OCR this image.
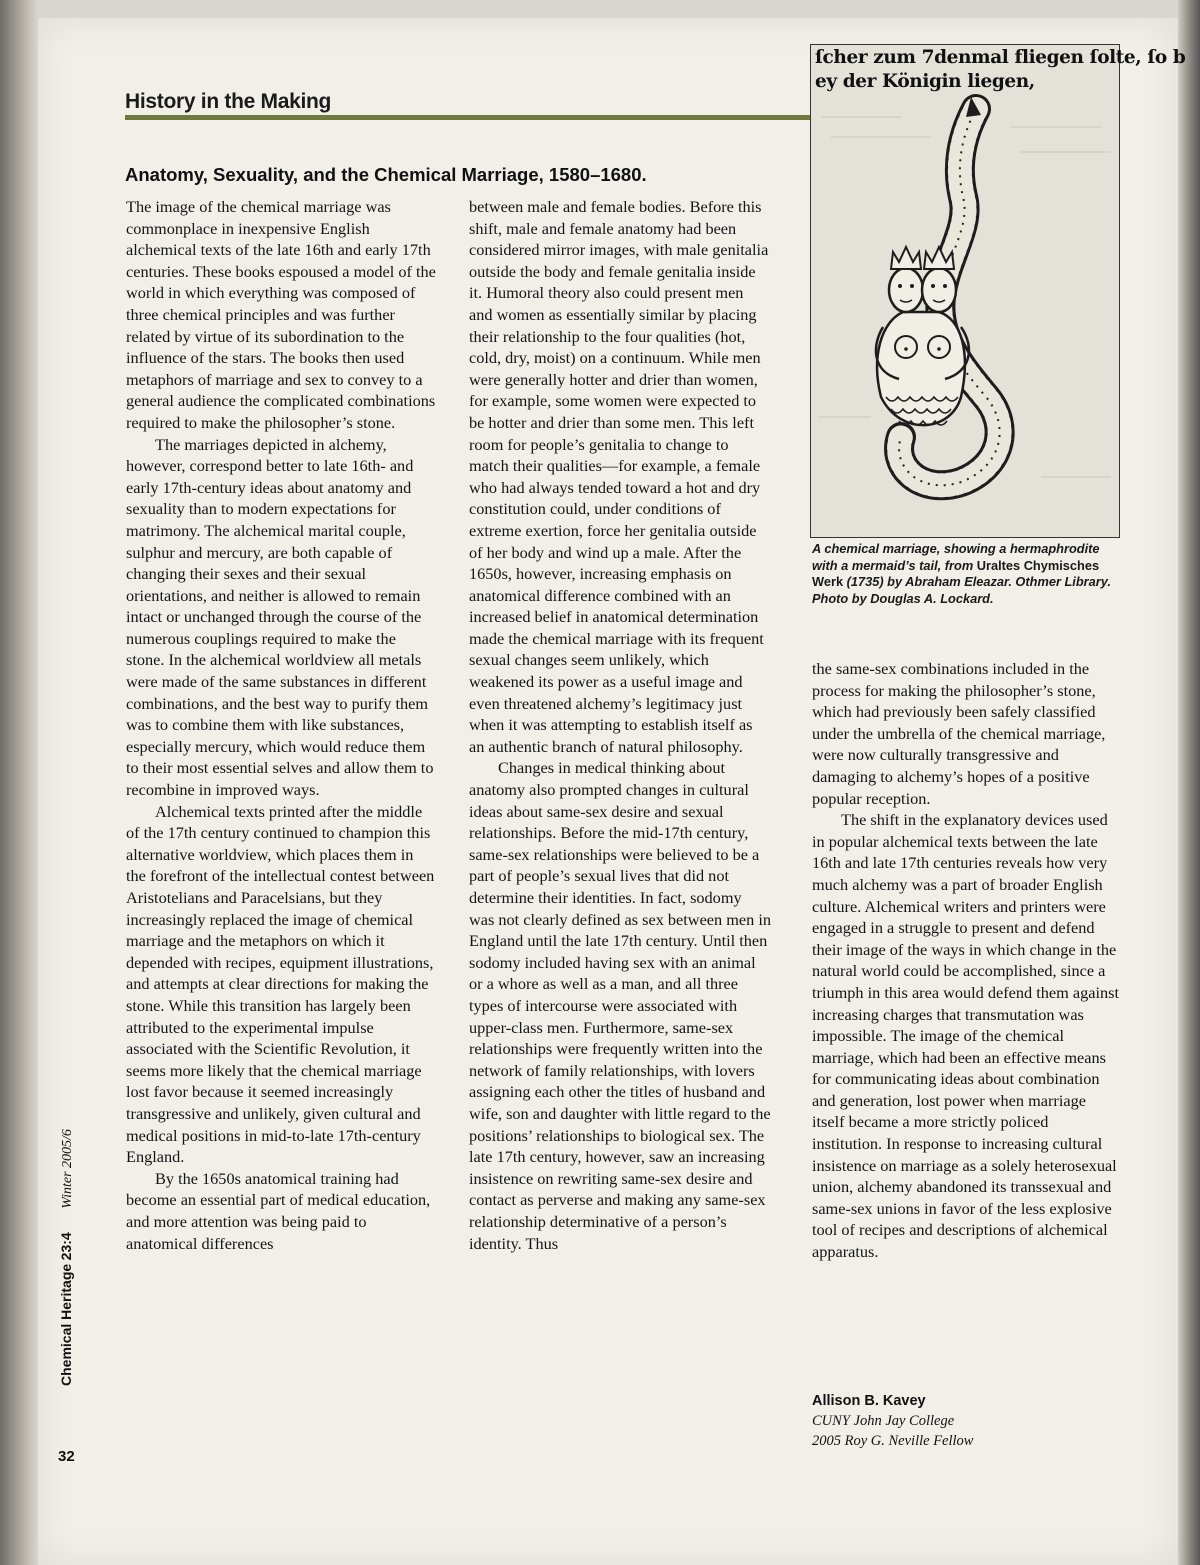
History in the Making
Anatomy, Sexuality, and the Chemical Marriage, 1580–1680.

The image of the chemical marriage was commonplace in inexpensive English alchemical texts of the late 16th and early 17th centuries. These books espoused a model of the world in which everything was composed of three chemical principles and was further related by virtue of its subordination to the influence of the stars. The books then used metaphors of marriage and sex to convey to a general audience the complicated combinations required to make the philosopher’s stone.

The marriages depicted in alchemy, however, correspond better to late 16th- and early 17th-century ideas about anatomy and sexuality than to modern expectations for matrimony. The alchemical marital couple, sulphur and mercury, are both capable of changing their sexes and their sexual orientations, and neither is allowed to remain intact or unchanged through the course of the numerous couplings required to make the stone. In the alchemical worldview all metals were made of the same substances in different combinations, and the best way to purify them was to combine them with like substances, especially mercury, which would reduce them to their most essential selves and allow them to recombine in improved ways.

Alchemical texts printed after the middle of the 17th century continued to champion this alternative worldview, which places them in the forefront of the intellectual contest between Aristotelians and Paracelsians, but they increasingly replaced the image of chemical marriage and the metaphors on which it depended with recipes, equipment illustrations, and attempts at clear directions for making the stone. While this transition has largely been attributed to the experimental impulse associated with the Scientific Revolution, it seems more likely that the chemical marriage lost favor because it seemed increasingly transgressive and unlikely, given cultural and medical positions in mid-to-late 17th-century England.

By the 1650s anatomical training had become an essential part of medical education, and more attention was being paid to anatomical differences

between male and female bodies. Before this shift, male and female anatomy had been considered mirror images, with male genitalia outside the body and female genitalia inside it. Humoral theory also could present men and women as essentially similar by placing their relationship to the four qualities (hot, cold, dry, moist) on a continuum. While men were generally hotter and drier than women, for example, some women were expected to be hotter and drier than some men. This left room for people’s genitalia to change to match their qualities—for example, a female who had always tended toward a hot and dry constitution could, under conditions of extreme exertion, force her genitalia outside of her body and wind up a male. After the 1650s, however, increasing emphasis on anatomical difference combined with an increased belief in anatomical determination made the chemical marriage with its frequent sexual changes seem unlikely, which weakened its power as a useful image and even threatened alchemy’s legitimacy just when it was attempting to establish itself as an authentic branch of natural philosophy.

Changes in medical thinking about anatomy also prompted changes in cultural ideas about same-sex desire and sexual relationships. Before the mid-17th century, same-sex relationships were believed to be a part of people’s sexual lives that did not determine their identities. In fact, sodomy was not clearly defined as sex between men in England until the late 17th century. Until then sodomy included having sex with an animal or a whore as well as a man, and all three types of intercourse were associated with upper-class men. Furthermore, same-sex relationships were frequently written into the network of family relationships, with lovers assigning each other the titles of husband and wife, son and daughter with little regard to the positions’ relationships to biological sex. The late 17th century, however, saw an increasing insistence on rewriting same-sex desire and contact as perverse and making any same-sex relationship determinative of a person’s identity. Thus

ſcher zum 7denmal fliegen ſolte, ſo b
ey der Königin liegen,
A chemical marriage, showing a hermaphrodite with a mermaid’s tail, from Uraltes Chymisches Werk (1735) by Abraham Eleazar. Othmer Library. Photo by Douglas A. Lockard.

the same-sex combinations included in the process for making the philosopher’s stone, which had previously been safely classified under the umbrella of the chemical marriage, were now culturally transgressive and damaging to alchemy’s hopes of a positive popular reception.

The shift in the explanatory devices used in popular alchemical texts between the late 16th and late 17th centuries reveals how very much alchemy was a part of broader English culture. Alchemical writers and printers were engaged in a struggle to present and defend their image of the ways in which change in the natural world could be accomplished, since a triumph in this area would defend them against increasing charges that transmutation was impossible. The image of the chemical marriage, which had been an effective means for communicating ideas about combination and generation, lost power when marriage itself became a more strictly policed institution. In response to increasing cultural insistence on marriage as a solely heterosexual union, alchemy abandoned its transsexual and same-sex unions in favor of the less explosive tool of recipes and descriptions of alchemical apparatus.

Allison B. Kavey
CUNY John Jay College
2005 Roy G. Neville Fellow
Chemical Heritage 23:4 Winter 2005/6
32
